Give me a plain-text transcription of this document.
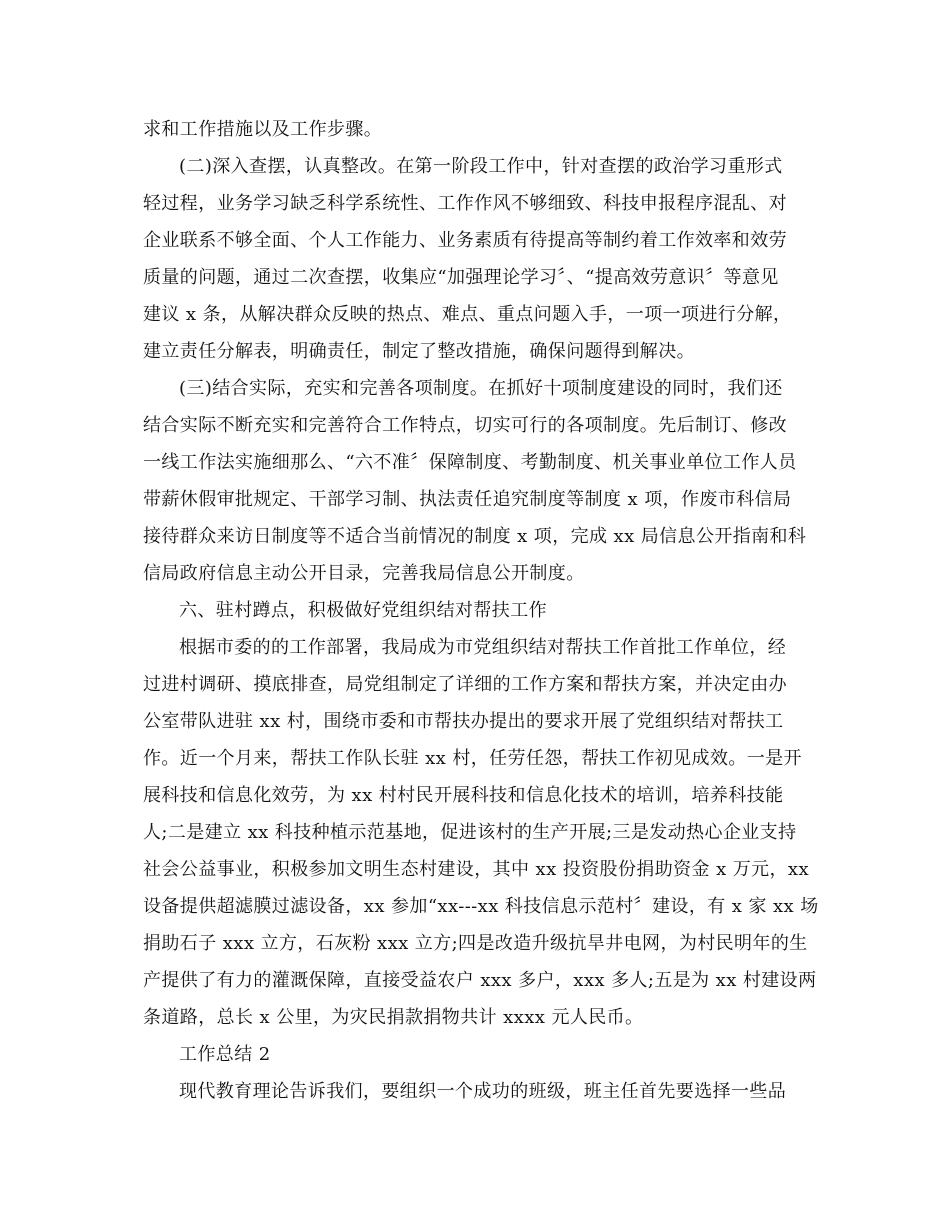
求和工作措施以及工作步骤。
(二)深入查摆，认真整改。在第一阶段工作中，针对查摆的政治学习重形式
轻过程，业务学习缺乏科学系统性、工作作风不够细致、科技申报程序混乱、对
企业联系不够全面、个人工作能力、业务素质有待提高等制约着工作效率和效劳
质量的问题，通过二次查摆，收集应“加强理论学习〞、“提高效劳意识〞等意见
建议 x 条，从解决群众反映的热点、难点、重点问题入手，一项一项进行分解，
建立责任分解表，明确责任，制定了整改措施，确保问题得到解决。
(三)结合实际，充实和完善各项制度。在抓好十项制度建设的同时，我们还
结合实际不断充实和完善符合工作特点，切实可行的各项制度。先后制订、修改
一线工作法实施细那么、“六不准〞保障制度、考勤制度、机关事业单位工作人员
带薪休假审批规定、干部学习制、执法责任追究制度等制度 x 项，作废市科信局
接待群众来访日制度等不适合当前情况的制度 x 项，完成 xx 局信息公开指南和科
信局政府信息主动公开目录，完善我局信息公开制度。
六、驻村蹲点，积极做好党组织结对帮扶工作
根据市委的的工作部署，我局成为市党组织结对帮扶工作首批工作单位，经
过进村调研、摸底排查，局党组制定了详细的工作方案和帮扶方案，并决定由办
公室带队进驻 xx 村，围绕市委和市帮扶办提出的要求开展了党组织结对帮扶工
作。近一个月来，帮扶工作队长驻 xx 村，任劳任怨，帮扶工作初见成效。一是开
展科技和信息化效劳，为 xx 村村民开展科技和信息化技术的培训，培养科技能
人;二是建立 xx 科技种植示范基地，促进该村的生产开展;三是发动热心企业支持
社会公益事业，积极参加文明生态村建设，其中 xx 投资股份捐助资金 x 万元，xx
设备提供超滤膜过滤设备，xx 参加“xx---xx 科技信息示范村〞建设，有 x 家 xx 场
捐助石子 xxx 立方，石灰粉 xxx 立方;四是改造升级抗旱井电网，为村民明年的生
产提供了有力的灌溉保障，直接受益农户 xxx 多户，xxx 多人;五是为 xx 村建设两
条道路，总长 x 公里，为灾民捐款捐物共计 xxxx 元人民币。
工作总结 2
现代教育理论告诉我们，要组织一个成功的班级，班主任首先要选择一些品
